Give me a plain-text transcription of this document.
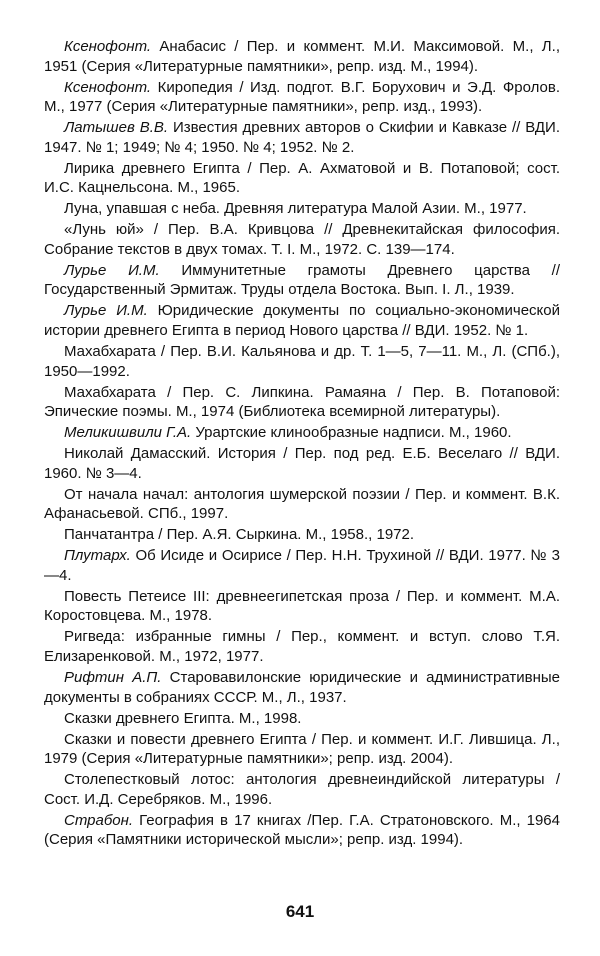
Ксенофонт. Анабасис / Пер. и коммент. М.И. Максимовой. М., Л., 1951 (Серия «Литературные памятники», репр. изд. М., 1994).

Ксенофонт. Киропедия / Изд. подгот. В.Г. Борухович и Э.Д. Фролов. М., 1977 (Серия «Литературные памятники», репр. изд., 1993).

Латышев В.В. Известия древних авторов о Скифии и Кавказе // ВДИ. 1947. № 1; 1949; № 4; 1950. № 4; 1952. № 2.

Лирика древнего Египта / Пер. А. Ахматовой и В. Потаповой; сост. И.С. Кацнельсона. М., 1965.

Луна, упавшая с неба. Древняя литература Малой Азии. М., 1977.

«Лунь юй» / Пер. В.А. Кривцова // Древнекитайская философия. Собрание текстов в двух томах. Т. I. М., 1972. С. 139—174.

Лурье И.М. Иммунитетные грамоты Древнего царства // Государственный Эрмитаж. Труды отдела Востока. Вып. I. Л., 1939.

Лурье И.М. Юридические документы по социально-экономической истории древнего Египта в период Нового царства // ВДИ. 1952. № 1.

Махабхарата / Пер. В.И. Кальянова и др. Т. 1—5, 7—11. М., Л. (СПб.), 1950—1992.

Махабхарата / Пер. С. Липкина. Рамаяна / Пер. В. Потаповой: Эпические поэмы. М., 1974 (Библиотека всемирной литературы).

Меликишвили Г.А. Урартские клинообразные надписи. М., 1960.

Николай Дамасский. История / Пер. под ред. Е.Б. Веселаго // ВДИ. 1960. № 3—4.

От начала начал: антология шумерской поэзии / Пер. и коммент. В.К. Афанасьевой. СПб., 1997.

Панчатантра / Пер. А.Я. Сыркина. М., 1958., 1972.

Плутарх. Об Исиде и Осирисе / Пер. Н.Н. Трухиной // ВДИ. 1977. № 3—4.

Повесть Петеисе III: древнеегипетская проза / Пер. и коммент. М.А. Коростовцева. М., 1978.

Ригведа: избранные гимны / Пер., коммент. и вступ. слово Т.Я. Елизаренковой. М., 1972, 1977.

Рифтин А.П. Старовавилонские юридические и административные документы в собраниях СССР. М., Л., 1937.

Сказки древнего Египта. М., 1998.

Сказки и повести древнего Египта / Пер. и коммент. И.Г. Лившица. Л., 1979 (Серия «Литературные памятники»; репр. изд. 2004).

Столепестковый лотос: антология древнеиндийской литературы / Сост. И.Д. Серебряков. М., 1996.

Страбон. География в 17 книгах /Пер. Г.А. Стратоновского. М., 1964 (Серия «Памятники исторической мысли»; репр. изд. 1994).

641
